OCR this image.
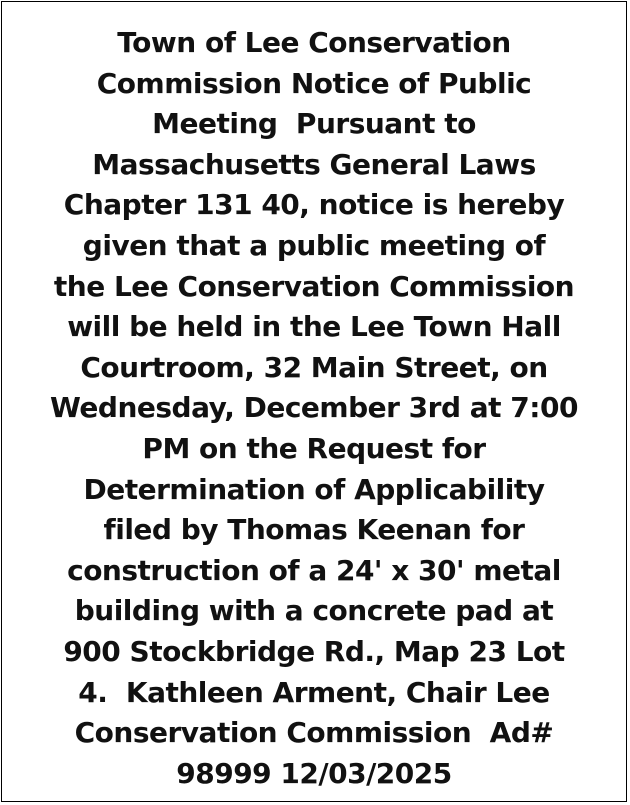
Town of Lee Conservation
Commission Notice of Public
Meeting  Pursuant to
Massachusetts General Laws
Chapter 131 40, notice is hereby
given that a public meeting of
the Lee Conservation Commission
will be held in the Lee Town Hall
Courtroom, 32 Main Street, on
Wednesday, December 3rd at 7:00
PM on the Request for
Determination of Applicability
filed by Thomas Keenan for
construction of a 24' x 30' metal
building with a concrete pad at
900 Stockbridge Rd., Map 23 Lot
4.  Kathleen Arment, Chair Lee
Conservation Commission  Ad#
98999 12/03/2025
